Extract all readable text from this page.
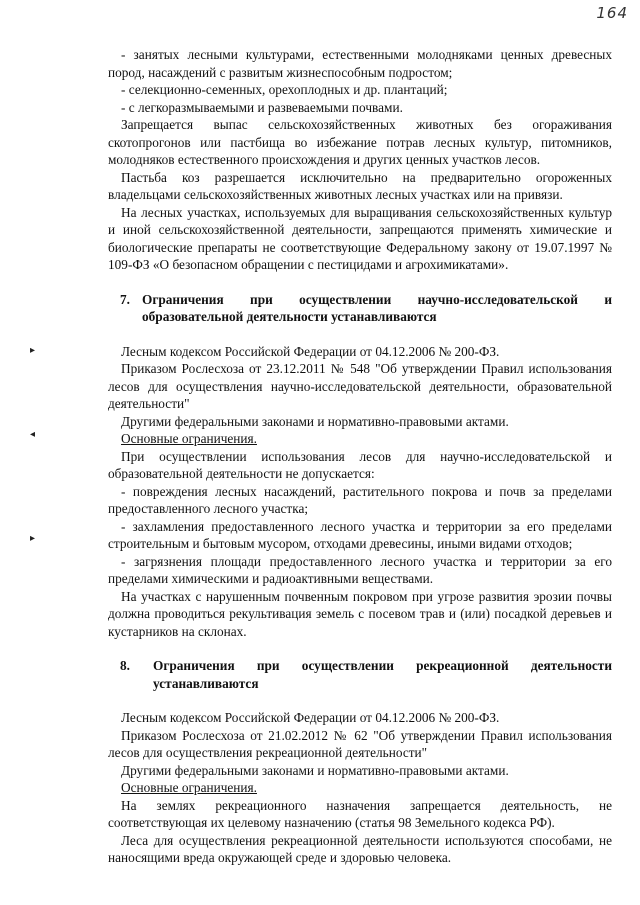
164
▸
◂
▸

- занятых лесными культурами, естественными молодняками ценных древесных пород, насаждений с развитым жизнеспособным подростом;

- селекционно-семенных, орехоплодных и др. плантаций;

- с легкоразмываемыми и развеваемыми почвами.

Запрещается выпас сельскохозяйственных животных без огораживания скотопрогонов или пастбища во избежание потрав лесных культур, питомников, молодняков естественного происхождения и других ценных участков лесов.

Пастьба коз разрешается исключительно на предварительно огороженных владельцами сельскохозяйственных животных лесных участках или на привязи.

На лесных участках, используемых для выращивания сельскохозяйственных культур и иной сельскохозяйственной деятельности, запрещаются применять химические и биологические препараты не соответствующие Федеральному закону от 19.07.1997 № 109-ФЗ «О безопасном обращении с пестицидами и агрохимикатами».

7. Ограничения при осуществлении научно-исследовательской и образовательной деятельности устанавливаются

Лесным кодексом Российской Федерации от 04.12.2006 № 200-ФЗ.

Приказом Рослесхоза от 23.12.2011 № 548 "Об утверждении Правил использования лесов для осуществления научно-исследовательской деятельности, образовательной деятельности"

Другими федеральными законами и нормативно-правовыми актами.

Основные ограничения.

При осуществлении использования лесов для научно-исследовательской и образовательной деятельности не допускается:

- повреждения лесных насаждений, растительного покрова и почв за пределами предоставленного лесного участка;

- захламления предоставленного лесного участка и территории за его пределами строительным и бытовым мусором, отходами древесины, иными видами отходов;

- загрязнения площади предоставленного лесного участка и территории за его пределами химическими и радиоактивными веществами.

На участках с нарушенным почвенным покровом при угрозе развития эрозии почвы должна проводиться рекультивация земель с посевом трав и (или) посадкой деревьев и кустарников на склонах.

8.	Ограничения при осуществлении рекреационной деятельности устанавливаются

Лесным кодексом Российской Федерации от 04.12.2006 № 200-ФЗ.

Приказом Рослесхоза от 21.02.2012 № 62 "Об утверждении Правил использования лесов для осуществления рекреационной деятельности"

Другими федеральными законами и нормативно-правовыми актами.

Основные ограничения.

На землях рекреационного назначения запрещается деятельность, не соответствующая их целевому назначению (статья 98 Земельного кодекса РФ).

Леса для осуществления рекреационной деятельности используются способами, не наносящими вреда окружающей среде и здоровью человека.
